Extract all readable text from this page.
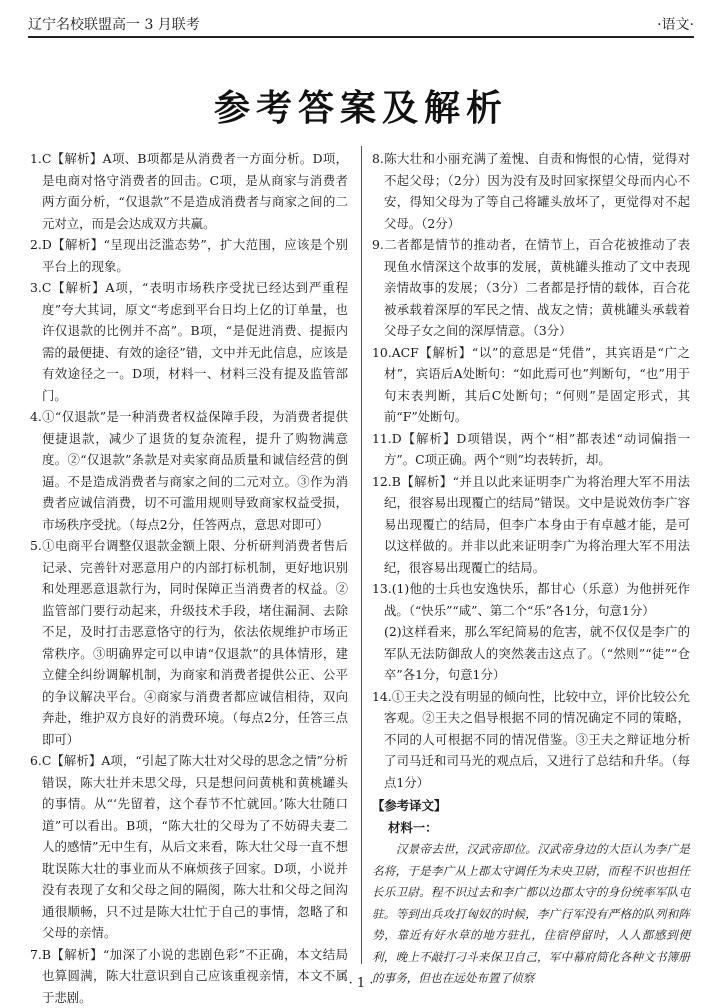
辽宁名校联盟高一 3 月联考	·语文·
参考答案及解析

1.C【解析】A项、B项都是从消费者一方面分析。D项，是电商对恪守消费者的回击。C项，是从商家与消费者两方面分析，“仅退款”不是造成消费者与商家之间的二元对立，而是会达成双方共赢。

2.D【解析】“呈现出泛滥态势”，扩大范围，应该是个别平台上的现象。

3.C【解析】A项，“表明市场秩序受扰已经达到严重程度”夸大其词，原文“考虑到平台日均上亿的订单量，也许仅退款的比例并不高”。B项，“是促进消费、提振内需的最便捷、有效的途径”错，文中并无此信息，应该是有效途径之一。D项，材料一、材料三没有提及监管部门。

4.①“仅退款”是一种消费者权益保障手段，为消费者提供便捷退款，减少了退货的复杂流程，提升了购物满意度。②“仅退款”条款是对卖家商品质量和诚信经营的倒逼。不是造成消费者与商家之间的二元对立。③作为消费者应诚信消费，切不可滥用规则导致商家权益受损，市场秩序受扰。（每点2分，任答两点，意思对即可）

5.①电商平台调整仅退款金额上限、分析研判消费者售后记录、完善针对恶意用户的内部打标机制，更好地识别和处理恶意退款行为，同时保障正当消费者的权益。②监管部门要行动起来，升级技术手段，堵住漏洞、去除不足，及时打击恶意恪守的行为，依法依规维护市场正常秩序。③明确界定可以申请“仅退款”的具体情形，建立健全纠纷调解机制，为商家和消费者提供公正、公平的争议解决平台。④商家与消费者都应诚信相待，双向奔赴，维护双方良好的消费环境。（每点2分，任答三点即可）

6.C【解析】A项，“引起了陈大壮对父母的思念之情”分析错误，陈大壮并未思父母，只是想问问黄桃和黄桃罐头的事情。从“‘先留着，这个春节不忙就回。’陈大壮随口道”可以看出。B项，“陈大壮的父母为了不妨碍夫妻二人的感情”无中生有，从后文来看，陈大壮父母一直不想耽误陈大壮的事业而从不麻烦孩子回家。D项，小说并没有表现了女和父母之间的隔阂，陈大壮和父母之间沟通很顺畅，只不过是陈大壮忙于自己的事情，忽略了和父母的亲情。

7.B【解析】“加深了小说的悲剧色彩”不正确，本文结局也算圆满，陈大壮意识到自己应该重视亲情，本文不属于悲剧。

8.陈大壮和小丽充满了羞愧、自责和悔恨的心情，觉得对不起父母；（2分）因为没有及时回家探望父母而内心不安，得知父母为了等自己将罐头放坏了，更觉得对不起父母。（2分）

9.二者都是情节的推动者，在情节上，百合花被推动了表现鱼水情深这个故事的发展，黄桃罐头推动了文中表现亲情故事的发展；（3分）二者都是抒情的载体，百合花被承载着深厚的军民之情、战友之情；黄桃罐头承载着父母子女之间的深厚情意。（3分）

10.ACF【解析】“以”的意思是“凭借”，其宾语是“广之材”，宾语后A处断句：“如此焉可也”判断句，“也”用于句末表判断，其后C处断句；“何则”是固定形式，其前“F”处断句。

11.D【解析】D项错误，两个“相”都表述“动词偏指一方”。C项正确。两个“则”均表转折，却。

12.B【解析】“并且以此来证明李广为将治理大军不用法纪，很容易出现覆亡的结局”错误。文中是说效仿李广容易出现覆亡的结局，但李广本身由于有卓越才能，是可以这样做的。并非以此来证明李广为将治理大军不用法纪，很容易出现覆亡的结局。

13.(1)他的士兵也安逸快乐，都甘心（乐意）为他拼死作战。（“快乐”“咸”、第二个“乐”各1分，句意1分）
(2)这样看来，那么军纪简易的危害，就不仅仅是李广的军队无法防御敌人的突然袭击这点了。（“然则”“徒”“仓卒”各1分，句意1分）

14.①王夫之没有明显的倾向性，比较中立，评价比较公允客观。②王夫之倡导根据不同的情况确定不同的策略，不同的人可根据不同的情况借鉴。③王夫之辩证地分析了司马迁和司马光的观点后，又进行了总结和升华。（每点1分）

【参考译文】
材料一：

汉景帝去世，汉武帝即位。汉武帝身边的大臣认为李广是名将，于是李广从上郡太守调任为未央卫尉，而程不识也担任长乐卫尉。程不识过去和李广都以边郡太守的身份统率军队屯驻。等到出兵攻打匈奴的时候，李广行军没有严格的队列和阵势，靠近有好水草的地方驻扎，住宿停留时，人人都感到便利，晚上不敲打刁斗来保卫自己，军中幕府简化各种文书簿册的事务，但也在远处布置了侦察

· 1 ·
